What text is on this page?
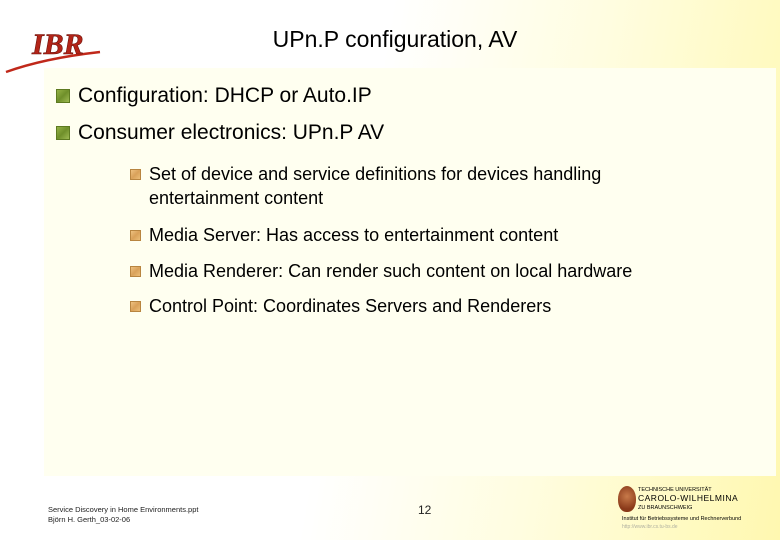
IBR	UPn.P configuration, AV
Configuration: DHCP or Auto.IP
Consumer electronics: UPn.P AV
Set of device and service definitions for devices handling entertainment content
Media Server: Has access to entertainment content
Media Renderer: Can render such content on local hardware
Control Point: Coordinates Servers and Renderers
Service Discovery in Home Environments.ppt
Björn H. Gerth_03-02-06
12
TECHNISCHE UNIVERSITÄT
CAROLO-WILHELMINA
ZU BRAUNSCHWEIG
Institut für Betriebssysteme und Rechnerverbund
http://www.ibr.cs.tu-bs.de
